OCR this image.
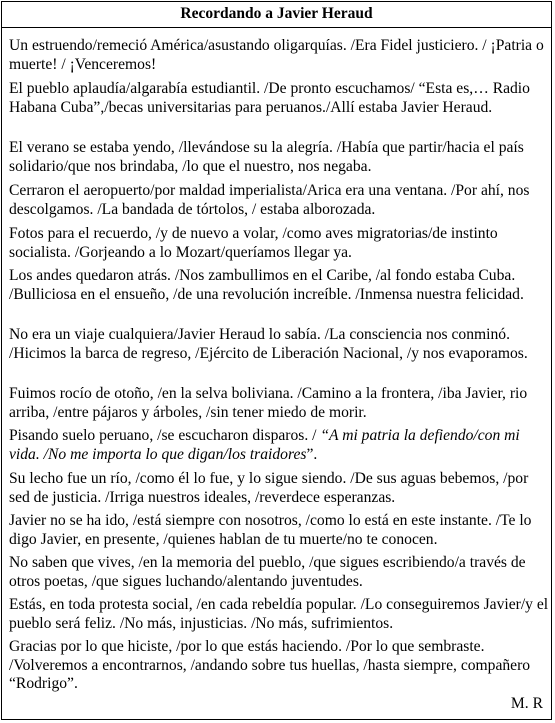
Recordando a Javier Heraud

Un estruendo/remeció América/asustando oligarquías. /Era Fidel justiciero. / ¡Patria o muerte! / ¡Venceremos!

El pueblo aplaudía/algarabía estudiantil. /De pronto escuchamos/ “Esta es,… Radio Habana Cuba”,/becas universitarias para peruanos./Allí estaba Javier Heraud.

El verano se estaba yendo, /llevándose su la alegría. /Había que partir/hacia el país solidario/que nos brindaba, /lo que el nuestro, nos negaba.

Cerraron el aeropuerto/por maldad imperialista/Arica era una ventana. /Por ahí, nos descolgamos. /La bandada de tórtolos, / estaba alborozada.

Fotos para el recuerdo, /y de nuevo a volar, /como aves migratorias/de instinto socialista. /Gorjeando a lo Mozart/queríamos llegar ya.

Los andes quedaron atrás. /Nos zambullimos en el Caribe, /al fondo estaba Cuba. /Bulliciosa en el ensueño, /de una revolución increíble. /Inmensa nuestra felicidad.

No era un viaje cualquiera/Javier Heraud lo sabía. /La consciencia nos conminó. /Hicimos la barca de regreso, /Ejército de Liberación Nacional, /y nos evaporamos.

Fuimos rocío de otoño, /en la selva boliviana. /Camino a la frontera, /iba Javier, rio arriba, /entre pájaros y árboles, /sin tener miedo de morir.

Pisando suelo peruano, /se escucharon disparos. / “A mi patria la defiendo/con mi vida. /No me importa lo que digan/los traidores”.

Su lecho fue un río, /como él lo fue, y lo sigue siendo. /De sus aguas bebemos, /por sed de justicia. /Irriga nuestros ideales, /reverdece esperanzas.

Javier no se ha ido, /está siempre con nosotros, /como lo está en este instante. /Te lo digo Javier, en presente, /quienes hablan de tu muerte/no te conocen.

No saben que vives, /en la memoria del pueblo, /que sigues escribiendo/a través de otros poetas, /que sigues luchando/alentando juventudes.

Estás, en toda protesta social, /en cada rebeldía popular. /Lo conseguiremos Javier/y el pueblo será feliz. /No más, injusticias. /No más, sufrimientos.

Gracias por lo que hiciste, /por lo que estás haciendo. /Por lo que sembraste. /Volveremos a encontrarnos, /andando sobre tus huellas, /hasta siempre, compañero “Rodrigo”.

M. R
